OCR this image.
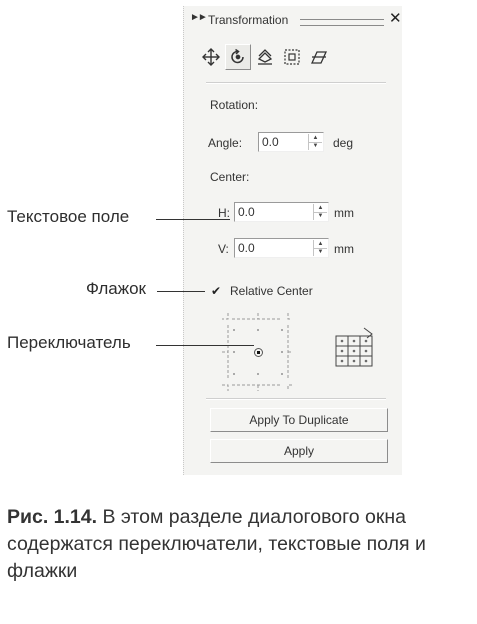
►► Transformation	✕
Rotation:
Angle: 0.0	▲
▼ deg
Center:
H: 0.0	▲
▼ mm
V: 0.0	▲
▼ mm
✔ Relative Center
Apply To Duplicate
Apply
Текстовое поле
Флажок
Переключатель
Рис. 1.14. В этом разделе диалогового окна содержатся переключатели, текстовые поля и флажки
